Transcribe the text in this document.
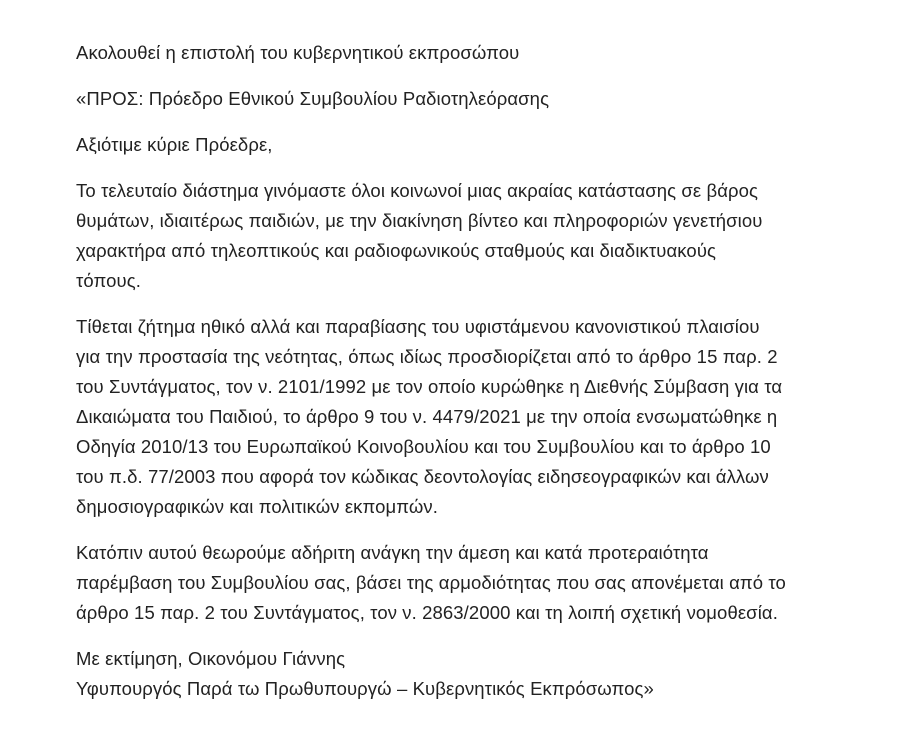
Ακολουθεί η επιστολή του κυβερνητικού εκπροσώπου

«ΠΡΟΣ: Πρόεδρο Εθνικού Συμβουλίου Ραδιοτηλεόρασης

Αξιότιμε κύριε Πρόεδρε,

Το τελευταίο διάστημα γινόμαστε όλοι κοινωνοί μιας ακραίας κατάστασης σε βάρος
θυμάτων, ιδιαιτέρως παιδιών, με την διακίνηση βίντεο και πληροφοριών γενετήσιου
χαρακτήρα από τηλεοπτικούς και ραδιοφωνικούς σταθμούς και διαδικτυακούς
τόπους.

Τίθεται ζήτημα ηθικό αλλά και παραβίασης του υφιστάμενου κανονιστικού πλαισίου
για την προστασία της νεότητας, όπως ιδίως προσδιορίζεται από το άρθρο 15 παρ. 2
του Συντάγματος, τον ν. 2101/1992 με τον οποίο κυρώθηκε η Διεθνής Σύμβαση για τα
Δικαιώματα του Παιδιού, το άρθρο 9 του ν. 4479/2021 με την οποία ενσωματώθηκε η
Οδηγία 2010/13 του Ευρωπαϊκού Κοινοβουλίου και του Συμβουλίου και το άρθρο 10
του π.δ. 77/2003 που αφορά τον κώδικας δεοντολογίας ειδησεογραφικών και άλλων
δημοσιογραφικών και πολιτικών εκπομπών.

Κατόπιν αυτού θεωρούμε αδήριτη ανάγκη την άμεση και κατά προτεραιότητα
παρέμβαση του Συμβουλίου σας, βάσει της αρμοδιότητας που σας απονέμεται από το
άρθρο 15 παρ. 2 του Συντάγματος, τον ν. 2863/2000 και τη λοιπή σχετική νομοθεσία.

Με εκτίμηση, Οικονόμου Γιάννης
Υφυπουργός Παρά τω Πρωθυπουργώ – Κυβερνητικός Εκπρόσωπος»
